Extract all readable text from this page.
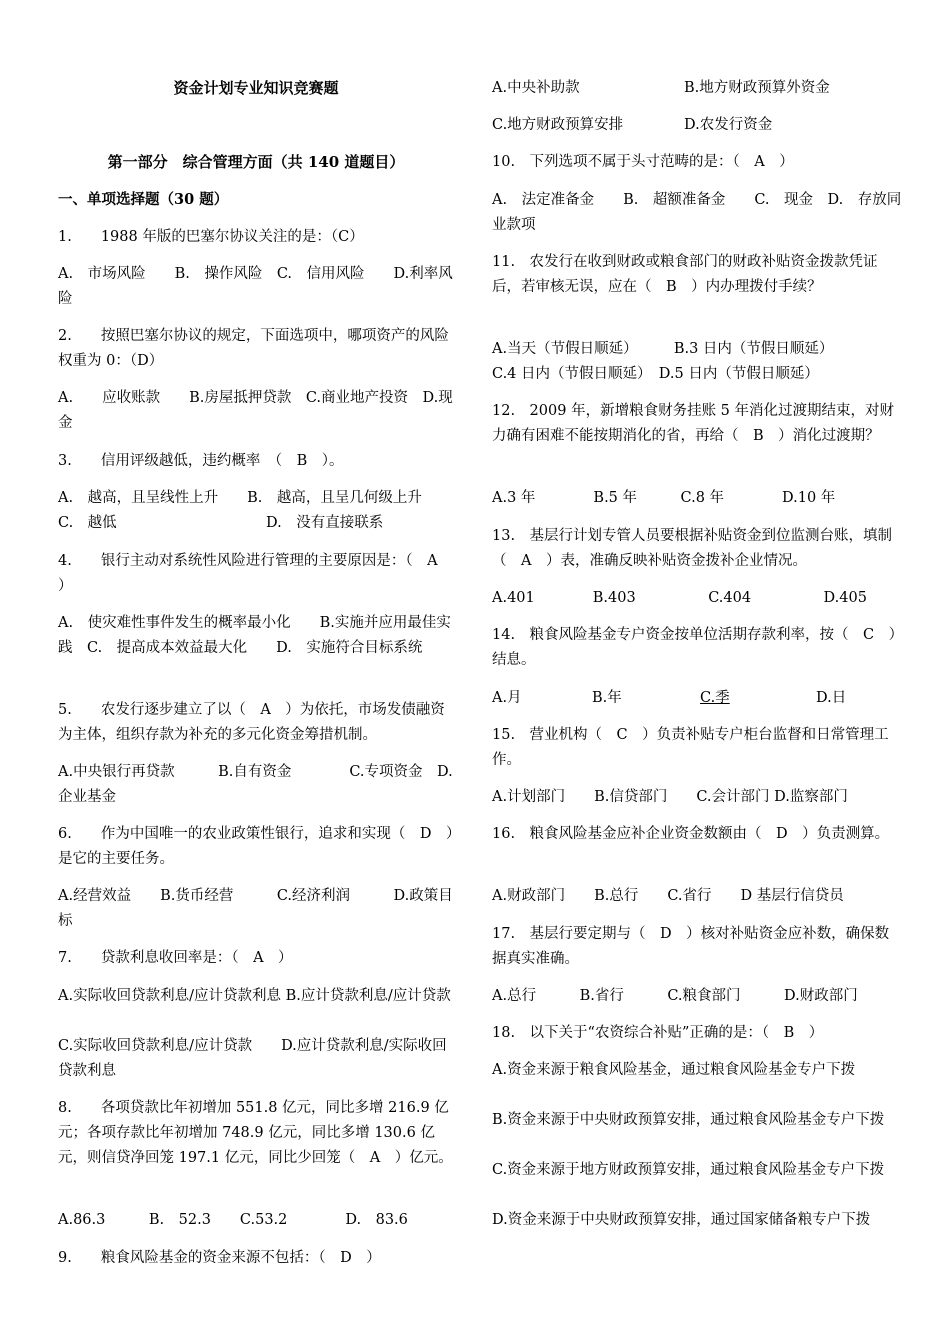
资金计划专业知识竞赛题
第一部分　综合管理方面（共 140 道题目）
一、单项选择题（30 题）
1.　　1988 年版的巴塞尔协议关注的是：（C）
A.　市场风险　　B.　操作风险　C.　信用风险　　D.利率风险
2.　　按照巴塞尔协议的规定，下面选项中，哪项资产的风险权重为 0：（D）
A.　　应收账款　　B.房屋抵押贷款　C.商业地产投资　D.现金
3.　　信用评级越低，违约概率　（　B　）。
A.　越高，且呈线性上升　　B.　越高，且呈几何级上升
C.　越低	D.　没有直接联系
4.　　银行主动对系统性风险进行管理的主要原因是：（　A　）
A.　使灾难性事件发生的概率最小化　　B.实施并应用最佳实践　C.　提高成本效益最大化　　D.　实施符合目标系统
5.　　农发行逐步建立了以（　A　）为依托，市场发债融资为主体，组织存款为补充的多元化资金筹措机制。
A.中央银行再贷款　　　B.自有资金　　　　C.专项资金　D.企业基金
6.　　作为中国唯一的农业政策性银行，追求和实现（　D　）是它的主要任务。
A.经营效益　　B.货币经营　　　C.经济利润　　　D.政策目标
7.　　贷款利息收回率是：（　A　）
A.实际收回贷款利息/应计贷款利息 B.应计贷款利息/应计贷款
C.实际收回贷款利息/应计贷款　　D.应计贷款利息/实际收回贷款利息
8.　　各项贷款比年初增加 551.8 亿元，同比多增 216.9 亿元；各项存款比年初增加 748.9 亿元，同比多增 130.6 亿元，则信贷净回笼 197.1 亿元，同比少回笼（　A　）亿元。
A.86.3　　　B.　52.3　　C.53.2　　　　D.　83.6
9.　　粮食风险基金的资金来源不包括：（　D　）
A.中央补助款	B.地方财政预算外资金
C.地方财政预算安排	D.农发行资金
10.　下列选项不属于头寸范畴的是：（　A　）
A.　法定准备金　　B.　超额准备金　　C.　现金　D.　存放同业款项
11.　农发行在收到财政或粮食部门的财政补贴资金拨款凭证后，若审核无误，应在（　B　）内办理拨付手续？
A.当天（节假日顺延）　　　B.3 日内（节假日顺延）
C.4 日内（节假日顺延）　D.5 日内（节假日顺延）
12.　2009 年，新增粮食财务挂账 5 年消化过渡期结束，对财力确有困难不能按期消化的省，再给（　B　）消化过渡期？
A.3 年　　　　B.5 年　　　C.8 年　　　　D.10 年
13.　基层行计划专管人员要根据补贴资金到位监测台账，填制（　A　）表，准确反映补贴资金拨补企业情况。
A.401　　　　B.403　　　　　C.404　　　　　D.405
14.　粮食风险基金专户资金按单位活期存款利率，按（　C　）结息。
A.月	B.年	C.季	D.日
15.　营业机构（　C　）负责补贴专户柜台监督和日常管理工作。
A.计划部门　　B.信贷部门　　C.会计部门 D.监察部门
16.　粮食风险基金应补企业资金数额由（　D　）负责测算。
A.财政部门　　B.总行　　C.省行　　D 基层行信贷员
17.　基层行要定期与（　D　）核对补贴资金应补数，确保数据真实准确。
A.总行　　　B.省行　　　C.粮食部门　　　D.财政部门
18.　以下关于“农资综合补贴”正确的是：（　B　）
A.资金来源于粮食风险基金，通过粮食风险基金专户下拨
B.资金来源于中央财政预算安排，通过粮食风险基金专户下拨
C.资金来源于地方财政预算安排，通过粮食风险基金专户下拨
D.资金来源于中央财政预算安排，通过国家储备粮专户下拨
